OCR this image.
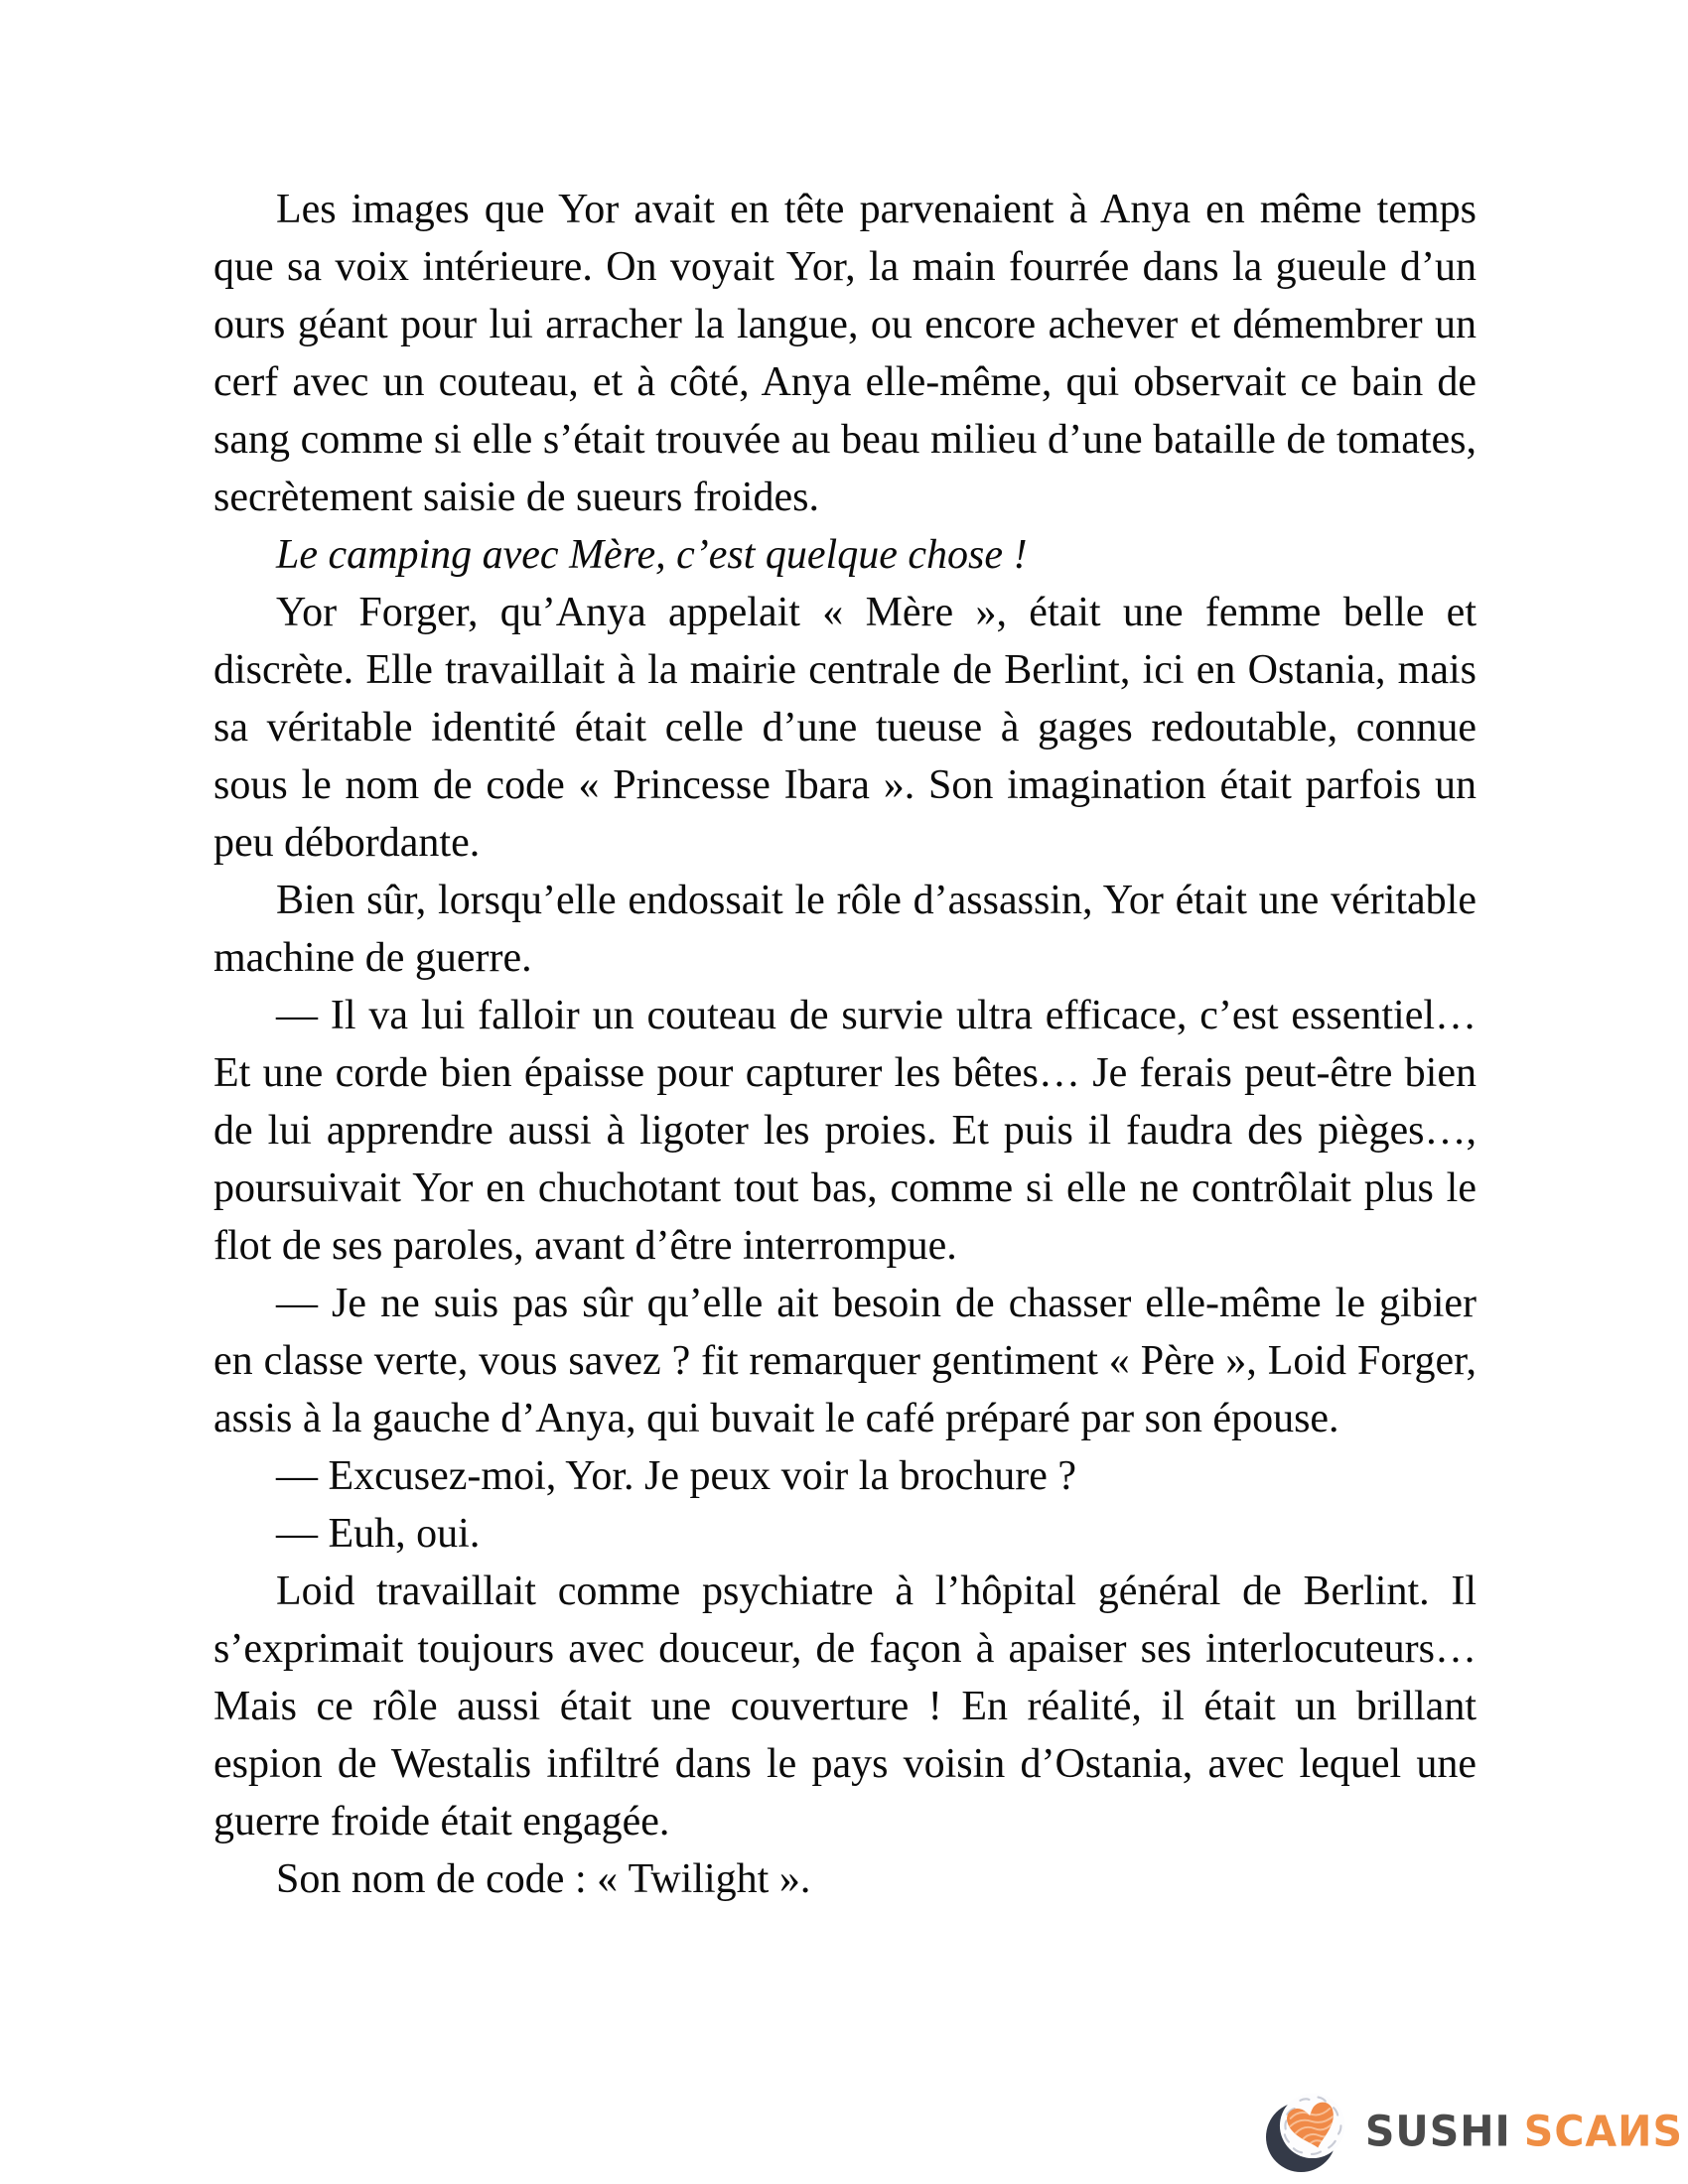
Les images que Yor avait en tête parvenaient à Anya en même temps que sa voix intérieure. On voyait Yor, la main fourrée dans la gueule d’un ours géant pour lui arracher la langue, ou encore achever et démembrer un cerf avec un couteau, et à côté, Anya elle-même, qui observait ce bain de sang comme si elle s’était trouvée au beau milieu d’une bataille de tomates, secrètement saisie de sueurs froides.

Le camping avec Mère, c’est quelque chose !

Yor Forger, qu’Anya appelait « Mère », était une femme belle et discrète. Elle travaillait à la mairie centrale de Berlint, ici en Ostania, mais sa véritable identité était celle d’une tueuse à gages redoutable, connue sous le nom de code « Princesse Ibara ». Son imagination était parfois un peu débordante.

Bien sûr, lorsqu’elle endossait le rôle d’assassin, Yor était une véritable machine de guerre.

— Il va lui falloir un couteau de survie ultra efficace, c’est essentiel… Et une corde bien épaisse pour capturer les bêtes… Je ferais peut-être bien de lui apprendre aussi à ligoter les proies. Et puis il faudra des pièges…, poursuivait Yor en chuchotant tout bas, comme si elle ne contrôlait plus le flot de ses paroles, avant d’être interrompue.

— Je ne suis pas sûr qu’elle ait besoin de chasser elle-même le gibier en classe verte, vous savez ? fit remarquer gentiment « Père », Loid Forger, assis à la gauche d’Anya, qui buvait le café préparé par son épouse.

— Excusez-moi, Yor. Je peux voir la brochure ?

— Euh, oui.

Loid travaillait comme psychiatre à l’hôpital général de Berlint. Il s’exprimait toujours avec douceur, de façon à apaiser ses interlocuteurs… Mais ce rôle aussi était une couverture ! En réalité, il était un brillant espion de Westalis infiltré dans le pays voisin d’Ostania, avec lequel une guerre froide était engagée.

Son nom de code : « Twilight ».

SUSHI SCAИS
